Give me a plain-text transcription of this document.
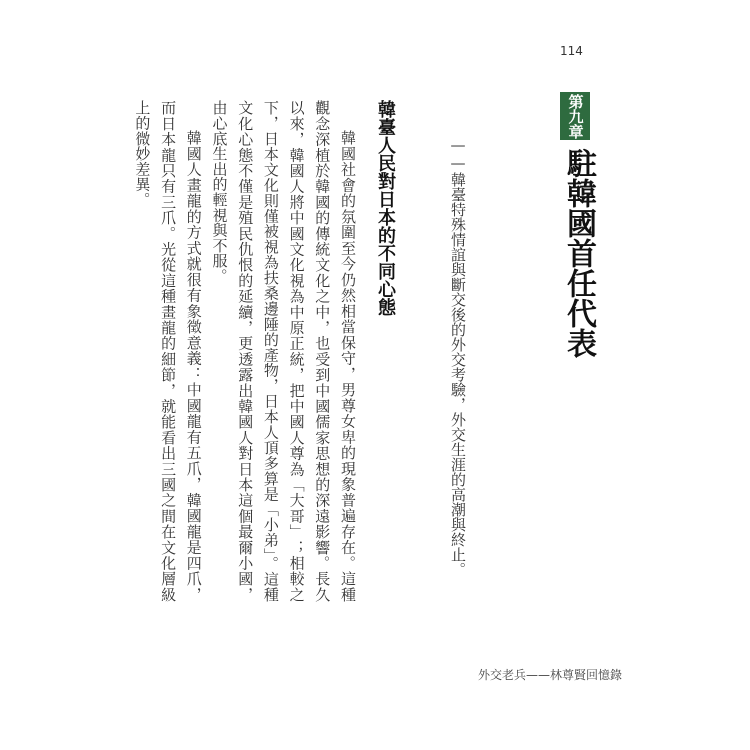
114
第九章
駐韓國首任代表
——韓臺特殊情誼與斷交後的外交考驗，外交生涯的高潮與終止。
韓臺人民對日本的不同心態

韓國社會的氛圍至今仍然相當保守，男尊女卑的現象普遍存在。這種觀念深植於韓國的傳統文化之中，也受到中國儒家思想的深遠影響。長久以來，韓國人將中國文化視為中原正統，把中國人尊為「大哥」；相較之下，日本文化則僅被視為扶桑邊陲的產物，日本人頂多算是「小弟」。這種文化心態不僅是殖民仇恨的延續，更透露出韓國人對日本這個最爾小國，由心底生出的輕視與不服。

韓國人畫龍的方式就很有象徵意義：中國龍有五爪，韓國龍是四爪，而日本龍只有三爪。光從這種畫龍的細節，就能看出三國之間在文化層級上的微妙差異。

外交老兵——林尊賢回憶錄
